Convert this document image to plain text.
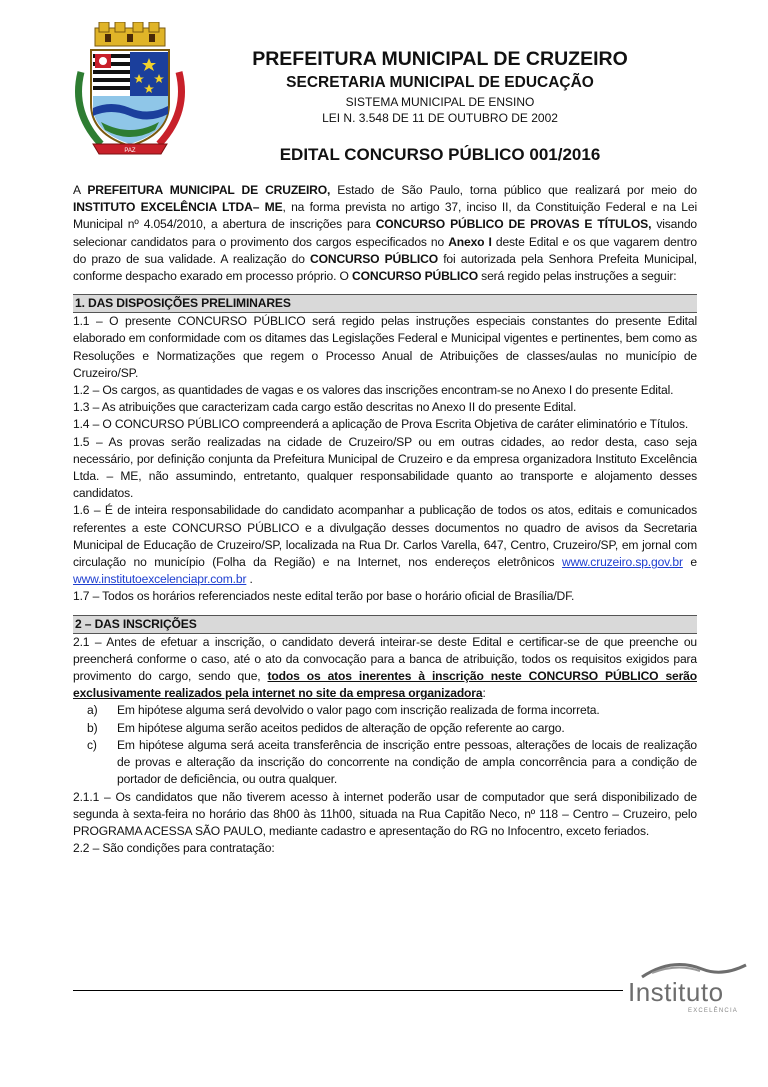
PAZ
PREFEITURA MUNICIPAL DE CRUZEIRO
SECRETARIA MUNICIPAL DE EDUCAÇÃO
SISTEMA MUNICIPAL DE ENSINO
LEI N. 3.548 DE 11 DE OUTUBRO DE 2002
EDITAL CONCURSO PÚBLICO 001/2016

A PREFEITURA MUNICIPAL DE CRUZEIRO, Estado de São Paulo, torna público que realizará por meio do INSTITUTO EXCELÊNCIA LTDA– ME, na forma prevista no artigo 37, inciso II, da Constituição Federal e na Lei Municipal nº 4.054/2010, a abertura de inscrições para CONCURSO PÚBLICO DE PROVAS E TÍTULOS, visando selecionar candidatos para o provimento dos cargos especificados no Anexo I deste Edital e os que vagarem dentro do prazo de sua validade. A realização do CONCURSO PÚBLICO foi autorizada pela Senhora Prefeita Municipal, conforme despacho exarado em processo próprio. O CONCURSO PÚBLICO será regido pelas instruções a seguir:

1. DAS DISPOSIÇÕES PRELIMINARES

1.1 – O presente CONCURSO PÚBLICO será regido pelas instruções especiais constantes do presente Edital elaborado em conformidade com os ditames das Legislações Federal e Municipal vigentes e pertinentes, bem como as Resoluções e Normatizações que regem o Processo Anual de Atribuições de classes/aulas no município de Cruzeiro/SP.

1.2 – Os cargos, as quantidades de vagas e os valores das inscrições encontram-se no Anexo I do presente Edital.

1.3 – As atribuições que caracterizam cada cargo estão descritas no Anexo II do presente Edital.

1.4 – O CONCURSO PÚBLICO compreenderá a aplicação de Prova Escrita Objetiva de caráter eliminatório e Títulos.

1.5 – As provas serão realizadas na cidade de Cruzeiro/SP ou em outras cidades, ao redor desta, caso seja necessário, por definição conjunta da Prefeitura Municipal de Cruzeiro e da empresa organizadora Instituto Excelência Ltda. – ME, não assumindo, entretanto, qualquer responsabilidade quanto ao transporte e alojamento desses candidatos.

1.6 – É de inteira responsabilidade do candidato acompanhar a publicação de todos os atos, editais e comunicados referentes a este CONCURSO PÚBLICO e a divulgação desses documentos no quadro de avisos da Secretaria Municipal de Educação de Cruzeiro/SP, localizada na Rua Dr. Carlos Varella, 647, Centro, Cruzeiro/SP, em jornal com circulação no município (Folha da Região) e na Internet, nos endereços eletrônicos www.cruzeiro.sp.gov.br e www.institutoexcelenciapr.com.br .

1.7 – Todos os horários referenciados neste edital terão por base o horário oficial de Brasília/DF.

2 – DAS INSCRIÇÕES

2.1 – Antes de efetuar a inscrição, o candidato deverá inteirar-se deste Edital e certificar-se de que preenche ou preencherá conforme o caso, até o ato da convocação para a banca de atribuição, todos os requisitos exigidos para provimento do cargo, sendo que, todos os atos inerentes à inscrição neste CONCURSO PÚBLICO serão exclusivamente realizados pela internet no site da empresa organizadora:

a)	Em hipótese alguma será devolvido o valor pago com inscrição realizada de forma incorreta.
b)	Em hipótese alguma serão aceitos pedidos de alteração de opção referente ao cargo.
c)	Em hipótese alguma será aceita transferência de inscrição entre pessoas, alterações de locais de realização de provas e alteração da inscrição do concorrente na condição de ampla concorrência para a condição de portador de deficiência, ou outra qualquer.

2.1.1 – Os candidatos que não tiverem acesso à internet poderão usar de computador que será disponibilizado de segunda à sexta-feira no horário das 8h00 às 11h00, situada na Rua Capitão Neco, nº 118 – Centro – Cruzeiro, pelo PROGRAMA ACESSA SÃO PAULO, mediante cadastro e apresentação do RG no Infocentro, exceto feriados.

2.2 – São condições para contratação:

Instituto
EXCELÊNCIA
